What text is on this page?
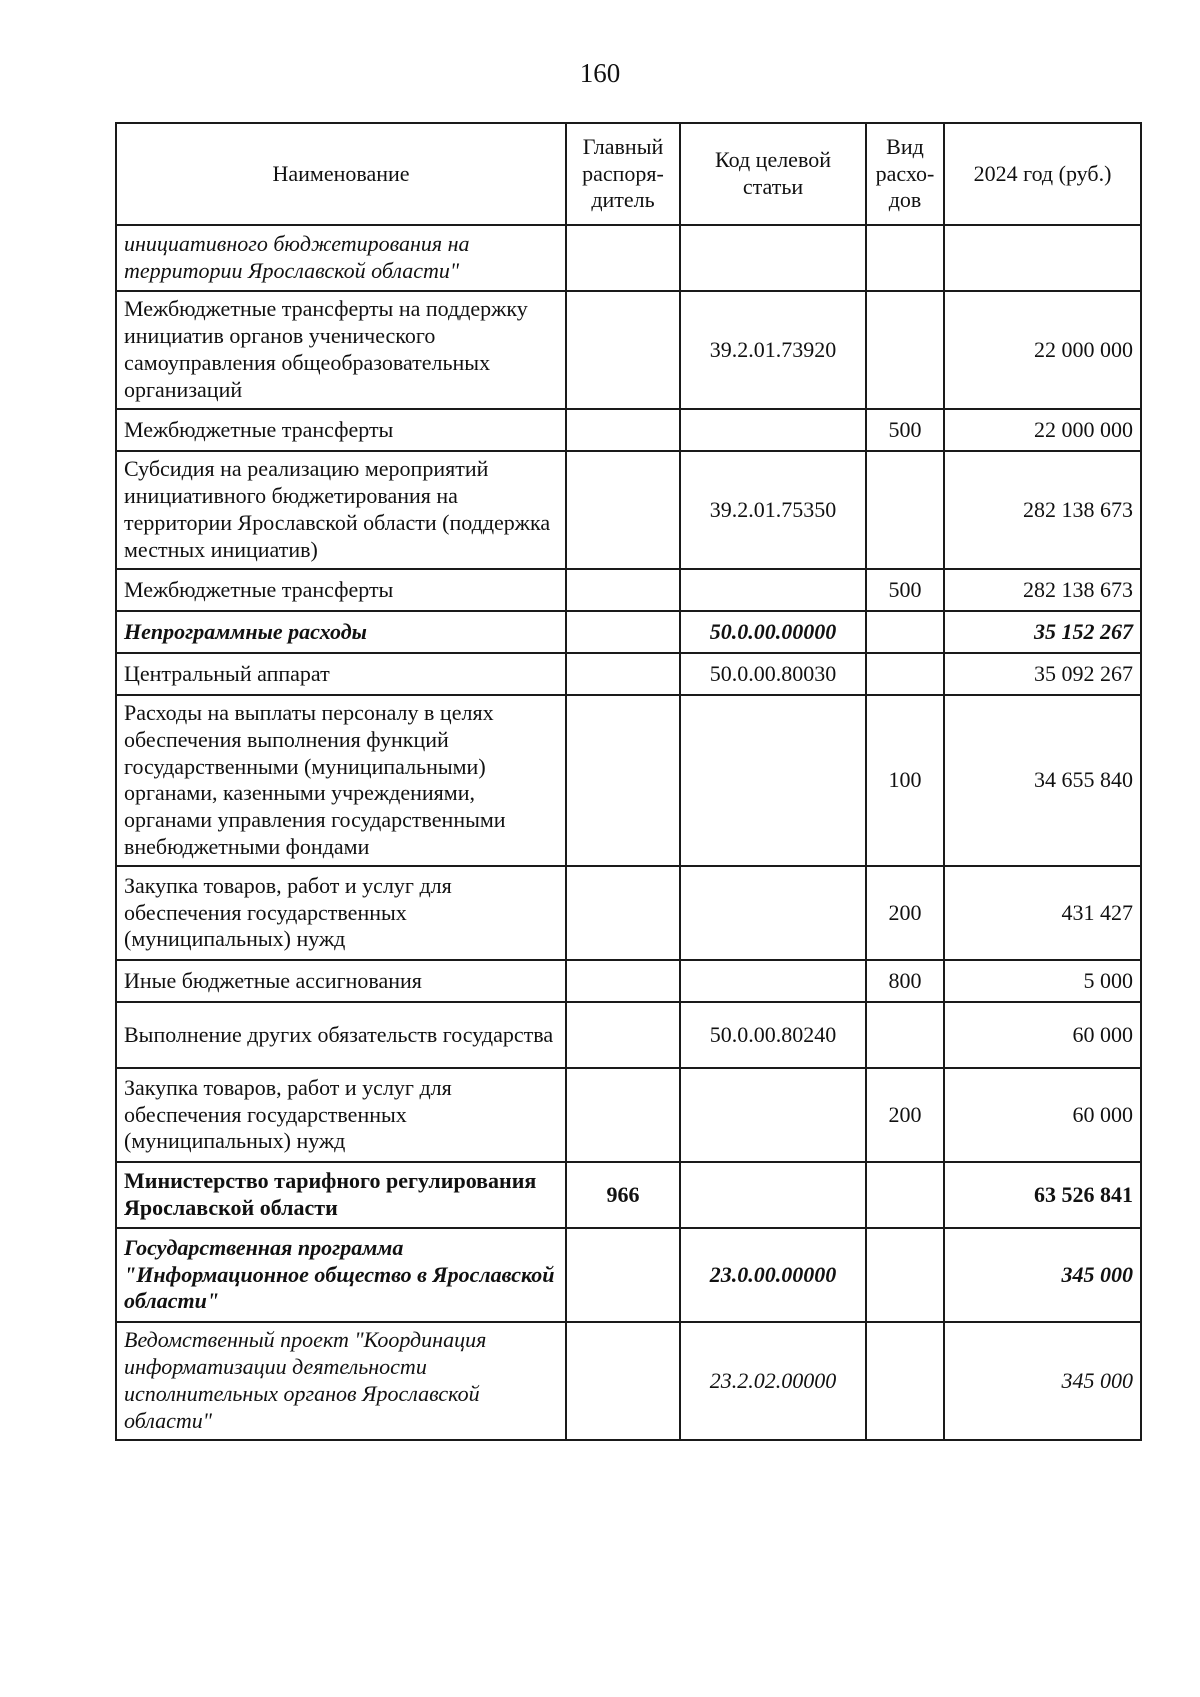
160
Наименование	Главный распоря-дитель	Код целевой статьи	Вид расхо-дов	2024 год (руб.)
инициативного бюджетирования на территории Ярославской области"				
Межбюджетные трансферты на поддержку инициатив органов ученического самоуправления общеобразовательных организаций		39.2.01.73920		22 000 000
Межбюджетные трансферты			500	22 000 000
Субсидия на реализацию мероприятий инициативного бюджетирования на территории Ярославской области (поддержка местных инициатив)		39.2.01.75350		282 138 673
Межбюджетные трансферты			500	282 138 673
Непрограммные расходы		50.0.00.00000		35 152 267
Центральный аппарат		50.0.00.80030		35 092 267
Расходы на выплаты персоналу в целях обеспечения выполнения функций государственными (муниципальными) органами, казенными учреждениями, органами управления государственными внебюджетными фондами			100	34 655 840
Закупка товаров, работ и услуг для обеспечения государственных (муниципальных) нужд			200	431 427
Иные бюджетные ассигнования			800	5 000
Выполнение других обязательств государства		50.0.00.80240		60 000
Закупка товаров, работ и услуг для обеспечения государственных (муниципальных) нужд			200	60 000
Министерство тарифного регулирования Ярославской области	966			63 526 841
Государственная программа "Информационное общество в Ярославской области"		23.0.00.00000		345 000
Ведомственный проект "Координация информатизации деятельности исполнительных органов Ярославской области"		23.2.02.00000		345 000
